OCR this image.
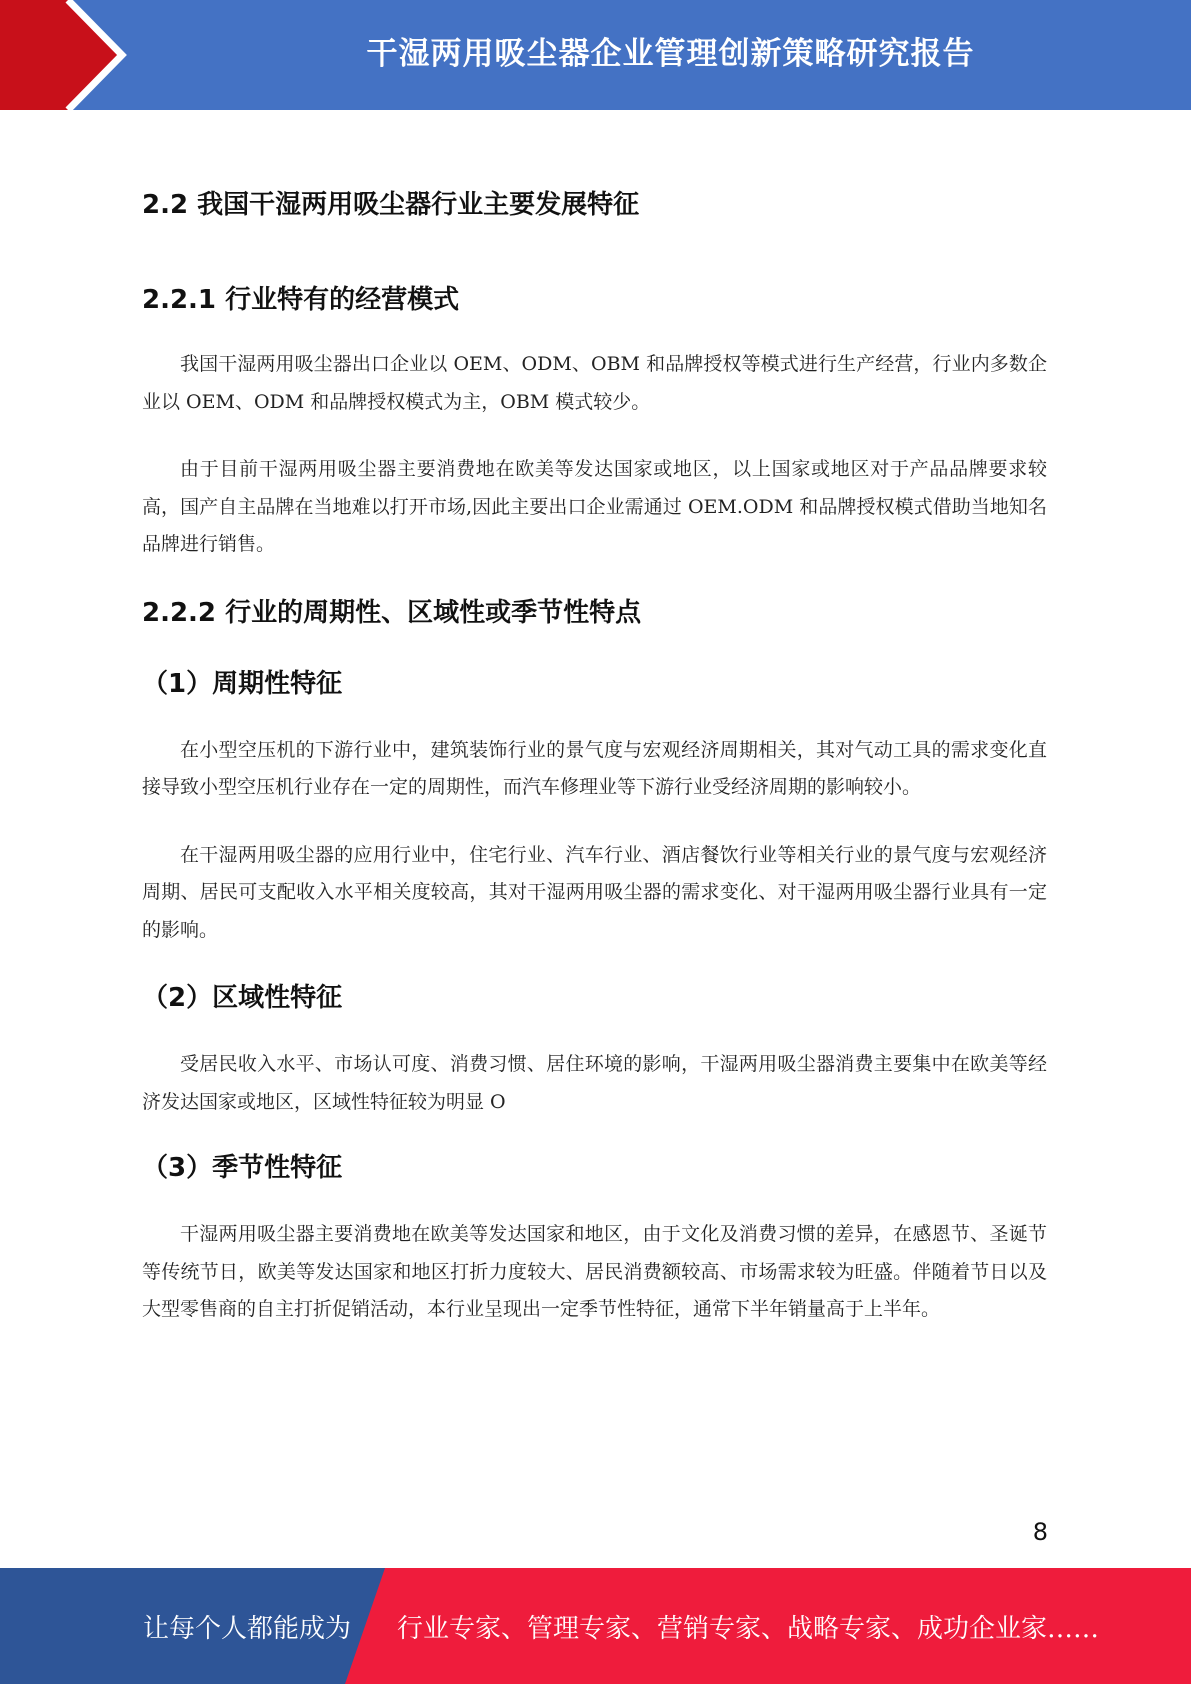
干湿两用吸尘器企业管理创新策略研究报告
2.2 我国干湿两用吸尘器行业主要发展特征
2.2.1 行业特有的经营模式

我国干湿两用吸尘器出口企业以 OEM、ODM、OBM 和品牌授权等模式进行生产经营，行业内多数企业以 OEM、ODM 和品牌授权模式为主，OBM 模式较少。

由于目前干湿两用吸尘器主要消费地在欧美等发达国家或地区，以上国家或地区对于产品品牌要求较高，国产自主品牌在当地难以打开市场,因此主要出口企业需通过 OEM.ODM 和品牌授权模式借助当地知名品牌进行销售。

2.2.2 行业的周期性、区域性或季节性特点
（1）周期性特征

在小型空压机的下游行业中，建筑装饰行业的景气度与宏观经济周期相关，其对气动工具的需求变化直接导致小型空压机行业存在一定的周期性，而汽车修理业等下游行业受经济周期的影响较小。

在干湿两用吸尘器的应用行业中，住宅行业、汽车行业、酒店餐饮行业等相关行业的景气度与宏观经济周期、居民可支配收入水平相关度较高，其对干湿两用吸尘器的需求变化、对干湿两用吸尘器行业具有一定的影响。

（2）区域性特征

受居民收入水平、市场认可度、消费习惯、居住环境的影响，干湿两用吸尘器消费主要集中在欧美等经济发达国家或地区，区域性特征较为明显 O

（3）季节性特征

干湿两用吸尘器主要消费地在欧美等发达国家和地区，由于文化及消费习惯的差异，在感恩节、圣诞节等传统节日，欧美等发达国家和地区打折力度较大、居民消费额较高、市场需求较为旺盛。伴随着节日以及大型零售商的自主打折促销活动，本行业呈现出一定季节性特征，通常下半年销量高于上半年。

8
让每个人都能成为 行业专家、管理专家、营销专家、战略专家、成功企业家……
